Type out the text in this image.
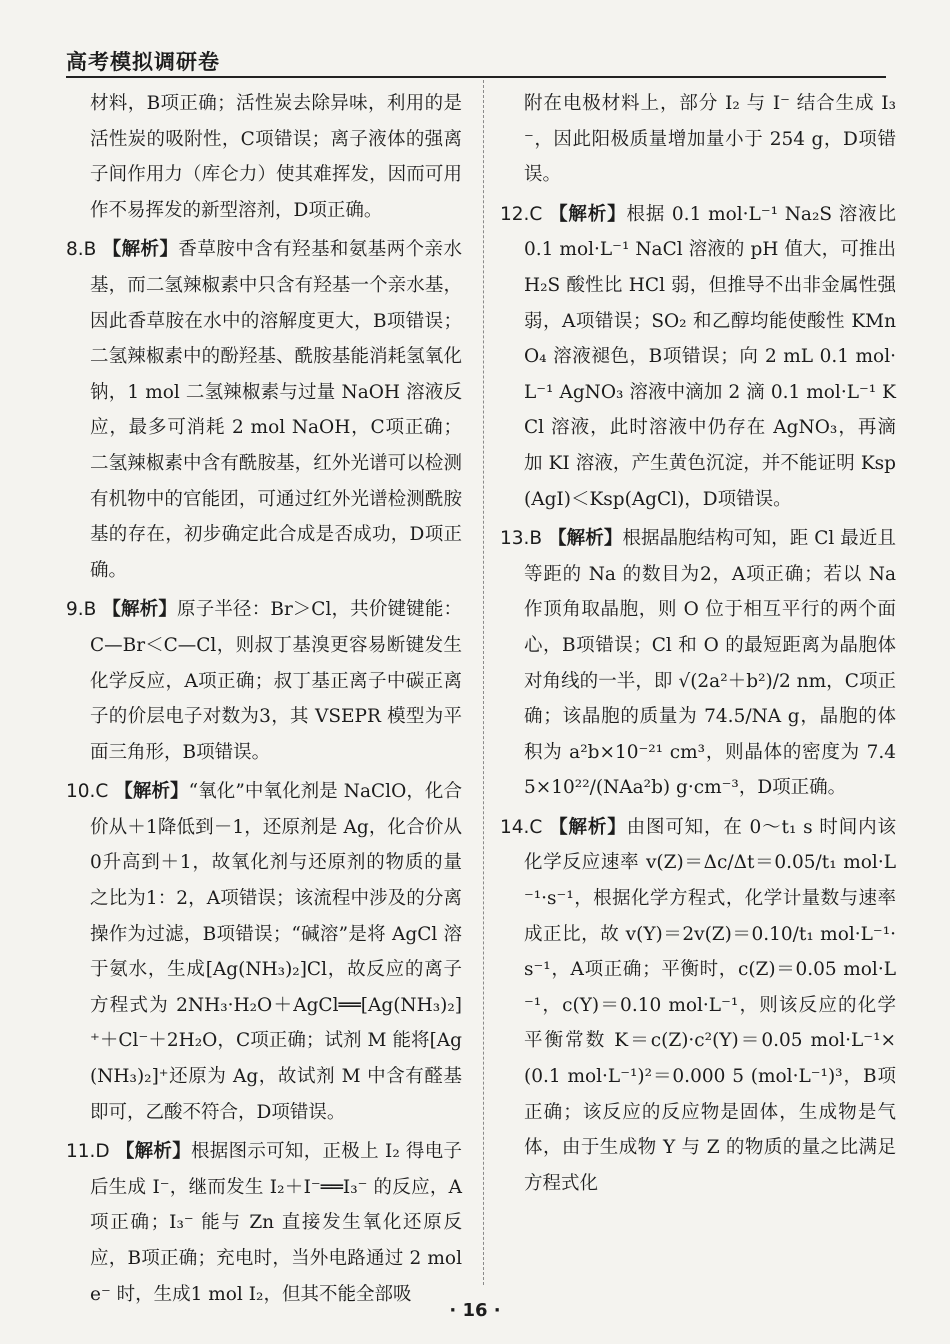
高考模拟调研卷

材料，B项正确；活性炭去除异味，利用的是活性炭的吸附性，C项错误；离子液体的强离子间作用力（库仑力）使其难挥发，因而可用作不易挥发的新型溶剂，D项正确。

8.B 【解析】香草胺中含有羟基和氨基两个亲水基，而二氢辣椒素中只含有羟基一个亲水基，因此香草胺在水中的溶解度更大，B项错误；二氢辣椒素中的酚羟基、酰胺基能消耗氢氧化钠，1 mol 二氢辣椒素与过量 NaOH 溶液反应，最多可消耗 2 mol NaOH，C项正确；二氢辣椒素中含有酰胺基，红外光谱可以检测有机物中的官能团，可通过红外光谱检测酰胺基的存在，初步确定此合成是否成功，D项正确。

9.B 【解析】原子半径：Br＞Cl，共价键键能：C—Br＜C—Cl，则叔丁基溴更容易断键发生化学反应，A项正确；叔丁基正离子中碳正离子的价层电子对数为3，其 VSEPR 模型为平面三角形，B项错误。

10.C 【解析】“氧化”中氧化剂是 NaClO，化合价从＋1降低到－1，还原剂是 Ag，化合价从0升高到＋1，故氧化剂与还原剂的物质的量之比为1：2，A项错误；该流程中涉及的分离操作为过滤，B项错误；“碱溶”是将 AgCl 溶于氨水，生成[Ag(NH₃)₂]Cl，故反应的离子方程式为 2NH₃·H₂O＋AgCl══[Ag(NH₃)₂]⁺＋Cl⁻＋2H₂O，C项正确；试剂 M 能将[Ag(NH₃)₂]⁺还原为 Ag，故试剂 M 中含有醛基即可，乙酸不符合，D项错误。

11.D 【解析】根据图示可知，正极上 I₂ 得电子后生成 I⁻，继而发生 I₂＋I⁻══I₃⁻ 的反应，A项正确；I₃⁻ 能与 Zn 直接发生氧化还原反应，B项正确；充电时，当外电路通过 2 mol e⁻ 时，生成1 mol I₂，但其不能全部吸

附在电极材料上，部分 I₂ 与 I⁻ 结合生成 I₃⁻，因此阳极质量增加量小于 254 g，D项错误。

12.C 【解析】根据 0.1 mol·L⁻¹ Na₂S 溶液比 0.1 mol·L⁻¹ NaCl 溶液的 pH 值大，可推出 H₂S 酸性比 HCl 弱，但推导不出非金属性强弱，A项错误；SO₂ 和乙醇均能使酸性 KMnO₄ 溶液褪色，B项错误；向 2 mL 0.1 mol·L⁻¹ AgNO₃ 溶液中滴加 2 滴 0.1 mol·L⁻¹ KCl 溶液，此时溶液中仍存在 AgNO₃，再滴加 KI 溶液，产生黄色沉淀，并不能证明 Ksp(AgI)＜Ksp(AgCl)，D项错误。

13.B 【解析】根据晶胞结构可知，距 Cl 最近且等距的 Na 的数目为2，A项正确；若以 Na 作顶角取晶胞，则 O 位于相互平行的两个面心，B项错误；Cl 和 O 的最短距离为晶胞体对角线的一半，即 √(2a²＋b²)/2 nm，C项正确；该晶胞的质量为 74.5/NA g，晶胞的体积为 a²b×10⁻²¹ cm³，则晶体的密度为 7.45×10²²/(NAa²b) g·cm⁻³，D项正确。

14.C 【解析】由图可知，在 0～t₁ s 时间内该化学反应速率 v(Z)＝Δc/Δt＝0.05/t₁ mol·L⁻¹·s⁻¹，根据化学方程式，化学计量数与速率成正比，故 v(Y)＝2v(Z)＝0.10/t₁ mol·L⁻¹·s⁻¹，A项正确；平衡时，c(Z)＝0.05 mol·L⁻¹，c(Y)＝0.10 mol·L⁻¹，则该反应的化学平衡常数 K＝c(Z)·c²(Y)＝0.05 mol·L⁻¹×(0.1 mol·L⁻¹)²＝0.000 5 (mol·L⁻¹)³，B项正确；该反应的反应物是固体，生成物是气体，由于生成物 Y 与 Z 的物质的量之比满足方程式化

· 16 ·
